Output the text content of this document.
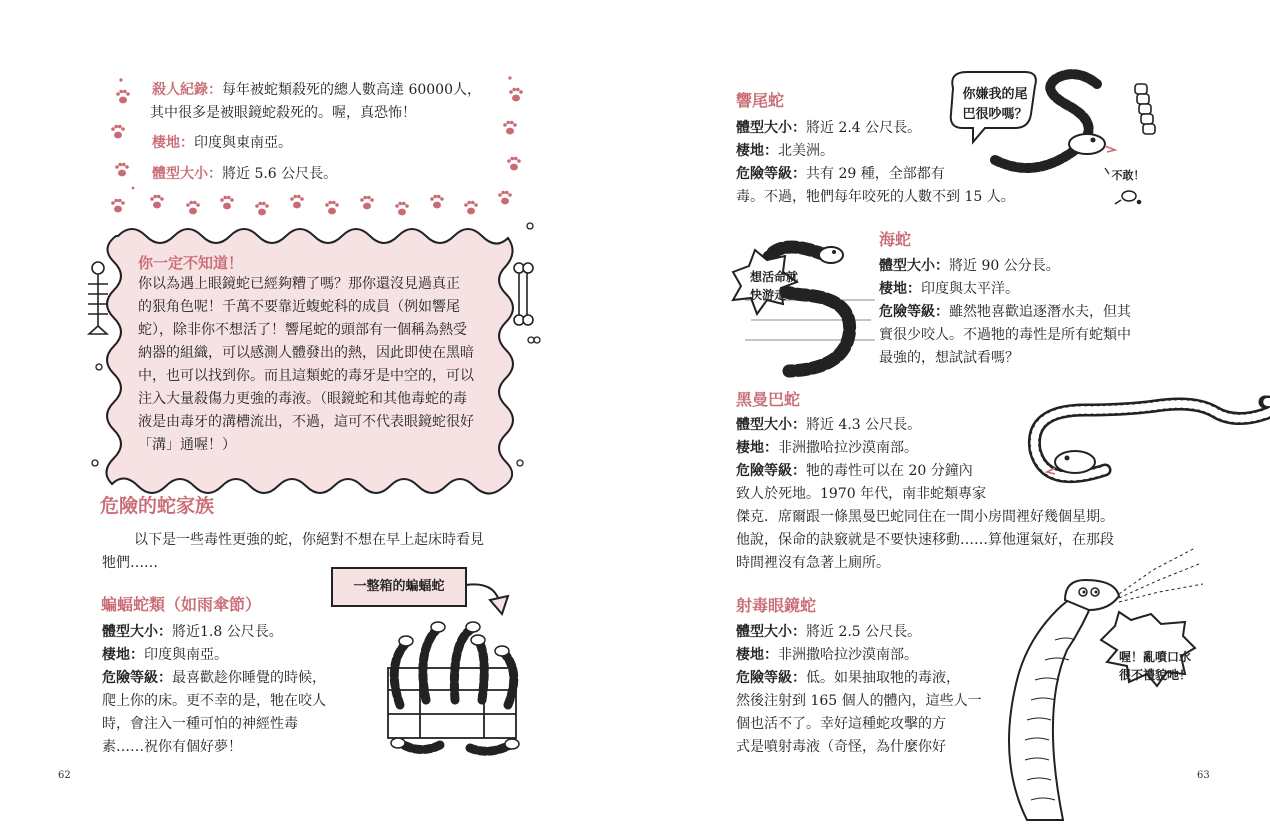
殺人紀錄：每年被蛇類殺死的總人數高達 60000人，
其中很多是被眼鏡蛇殺死的。喔，真恐怖！
棲地：印度與東南亞。
體型大小：將近 5.6 公尺長。
你一定不知道！
你以為遇上眼鏡蛇已經夠糟了嗎？那你還沒見過真正
的狠角色呢！千萬不要靠近蝮蛇科的成員（例如響尾
蛇），除非你不想活了！響尾蛇的頭部有一個稱為熱受
納器的組織，可以感測人體發出的熱，因此即使在黑暗
中，也可以找到你。而且這類蛇的毒牙是中空的，可以
注入大量殺傷力更強的毒液。（眼鏡蛇和其他毒蛇的毒
液是由毒牙的溝槽流出，不過，這可不代表眼鏡蛇很好
「溝」通喔！）
危險的蛇家族
以下是一些毒性更強的蛇，你絕對不想在早上起床時看見
牠們……
蝙蝠蛇類（如雨傘節）
體型大小：將近1.8 公尺長。
棲地：印度與南亞。
危險等級：最喜歡趁你睡覺的時候，
爬上你的床。更不幸的是，牠在咬人
時，會注入一種可怕的神經性毒
素……祝你有個好夢！
一整箱的蝙蝠蛇
62
響尾蛇
體型大小：將近 2.4 公尺長。
棲地：北美洲。
危險等級：共有 29 種，全部都有
毒。不過，牠們每年咬死的人數不到 15 人。
你嫌我的尾
巴很吵嗎？
不敢！
海蛇
體型大小：將近 90 公分長。
棲地：印度與太平洋。
危險等級：雖然牠喜歡追逐潛水夫，但其
實很少咬人。不過牠的毒性是所有蛇類中
最強的，想試試看嗎？
想活命就
快游走！
黑曼巴蛇
體型大小：將近 4.3 公尺長。
棲地：非洲撒哈拉沙漠南部。
危險等級：牠的毒性可以在 20 分鐘內
致人於死地。1970 年代，南非蛇類專家
傑克．席爾跟一條黑曼巴蛇同住在一間小房間裡好幾個星期。
他說，保命的訣竅就是不要快速移動……算他運氣好，在那段
時間裡沒有急著上廁所。
射毒眼鏡蛇
體型大小：將近 2.5 公尺長。
棲地：非洲撒哈拉沙漠南部。
危險等級：低。如果抽取牠的毒液，
然後注射到 165 個人的體內，這些人一
個也活不了。幸好這種蛇攻擊的方
式是噴射毒液（奇怪，為什麼你好
喔！亂噴口水
很不禮貌吔！
63
